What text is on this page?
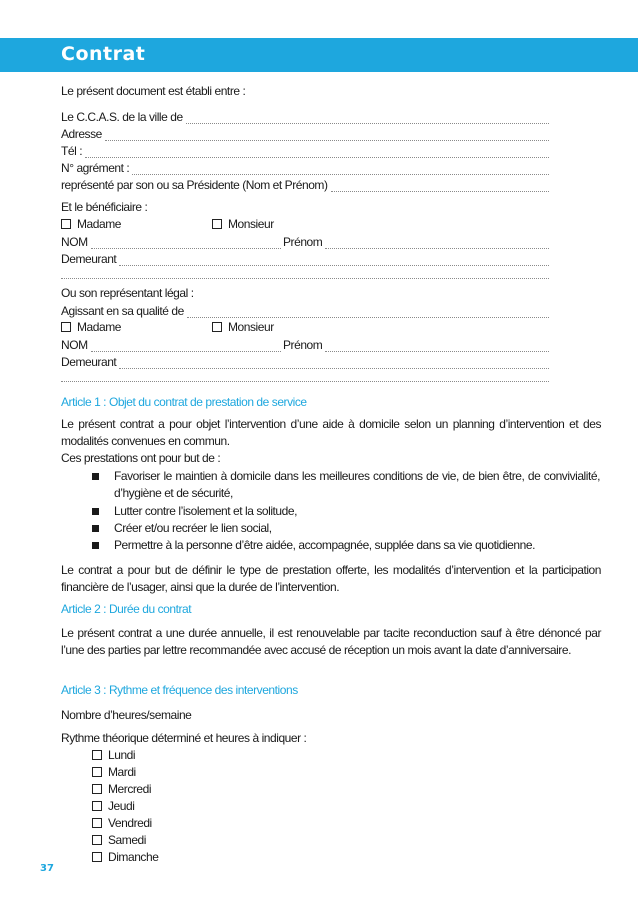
Contrat
Le présent document est établi entre :
Le C.C.A.S. de la ville de
Adresse
Tél :
N° agrément :
représenté par son ou sa Présidente (Nom et Prénom)
Et le bénéficiaire :
Madame	Monsieur
NOM	Prénom
Demeurant
Ou son représentant légal :
Agissant en sa qualité de
Madame	Monsieur
NOM	Prénom
Demeurant
Article 1 : Objet du contrat de prestation de service
Le présent contrat a pour objet l’intervention d’une aide à domicile selon un planning d’intervention et des modalités convenues en commun.
Ces prestations ont pour but de :
Favoriser le maintien à domicile dans les meilleures conditions de vie, de bien être, de convivialité, d’hygiène et de sécurité,
Lutter contre l’isolement et la solitude,
Créer et/ou recréer le lien social,
Permettre à la personne d’être aidée, accompagnée, supplée dans sa vie quotidienne.
Le contrat a pour but de définir le type de prestation offerte, les modalités d’intervention et la participation financière de l’usager, ainsi que la durée de l’intervention.
Article 2 : Durée du contrat
Le présent contrat a une durée annuelle, il est renouvelable par tacite reconduction sauf à être dénoncé par l’une des parties par lettre recommandée avec accusé de réception un mois avant la date d’anniversaire.
Article 3 : Rythme et fréquence des interventions
Nombre d’heures/semaine
Rythme théorique déterminé et heures à indiquer :
Lundi
Mardi
Mercredi
Jeudi
Vendredi
Samedi
Dimanche
37
